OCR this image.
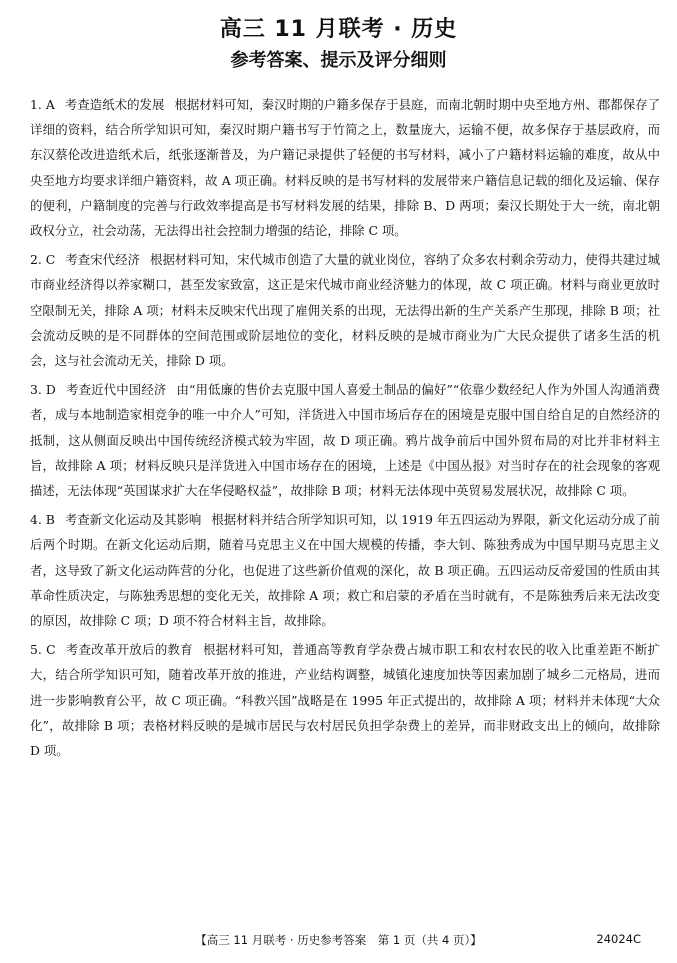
高三 11 月联考 · 历史
参考答案、提示及评分细则

1. A 考查造纸术的发展 根据材料可知，秦汉时期的户籍多保存于县庭，而南北朝时期中央至地方州、郡都保存了详细的资料，结合所学知识可知，秦汉时期户籍书写于竹简之上，数量庞大，运输不便，故多保存于基层政府，而东汉蔡伦改进造纸术后，纸张逐渐普及，为户籍记录提供了轻便的书写材料，减小了户籍材料运输的难度，故从中央至地方均要求详细户籍资料，故 A 项正确。材料反映的是书写材料的发展带来户籍信息记载的细化及运输、保存的便利，户籍制度的完善与行政效率提高是书写材料发展的结果，排除 B、D 两项；秦汉长期处于大一统，南北朝政权分立，社会动荡，无法得出社会控制力增强的结论，排除 C 项。

2. C 考查宋代经济 根据材料可知，宋代城市创造了大量的就业岗位，容纳了众多农村剩余劳动力，使得共建过城市商业经济得以养家糊口，甚至发家致富，这正是宋代城市商业经济魅力的体现，故 C 项正确。材料与商业更放时空限制无关，排除 A 项；材料未反映宋代出现了雇佣关系的出现，无法得出新的生产关系产生那现，排除 B 项；社会流动反映的是不同群体的空间范围或阶层地位的变化，材料反映的是城市商业为广大民众提供了诸多生活的机会，这与社会流动无关，排除 D 项。

3. D 考查近代中国经济 由“用低廉的售价去克服中国人喜爱土制品的偏好”“依靠少数经纪人作为外国人沟通消费者，成与本地制造家相竞争的唯一中介人”可知，洋货进入中国市场后存在的困境是克服中国自给自足的自然经济的抵制，这从侧面反映出中国传统经济模式较为牢固，故 D 项正确。鸦片战争前后中国外贸布局的对比并非材料主旨，故排除 A 项；材料反映只是洋货进入中国市场存在的困境，上述是《中国丛报》对当时存在的社会现象的客观描述，无法体现“英国谋求扩大在华侵略权益”，故排除 B 项；材料无法体现中英贸易发展状况，故排除 C 项。

4. B 考查新文化运动及其影响 根据材料并结合所学知识可知，以 1919 年五四运动为界限，新文化运动分成了前后两个时期。在新文化运动后期，随着马克思主义在中国大规模的传播，李大钊、陈独秀成为中国早期马克思主义者，这导致了新文化运动阵营的分化，也促进了这些新价值观的深化，故 B 项正确。五四运动反帝爱国的性质由其革命性质决定，与陈独秀思想的变化无关，故排除 A 项；救亡和启蒙的矛盾在当时就有，不是陈独秀后来无法改变的原因，故排除 C 项；D 项不符合材料主旨，故排除。

5. C 考查改革开放后的教育 根据材料可知，普通高等教育学杂费占城市职工和农村农民的收入比重差距不断扩大，结合所学知识可知，随着改革开放的推进，产业结构调整，城镇化速度加快等因素加剧了城乡二元格局，进而进一步影响教育公平，故 C 项正确。“科教兴国”战略是在 1995 年正式提出的，故排除 A 项；材料并未体现“大众化”，故排除 B 项；表格材料反映的是城市居民与农村居民负担学杂费上的差异，而非财政支出上的倾向，故排除 D 项。

【高三 11 月联考 · 历史参考答案　第 1 页（共 4 页）】	24024C
